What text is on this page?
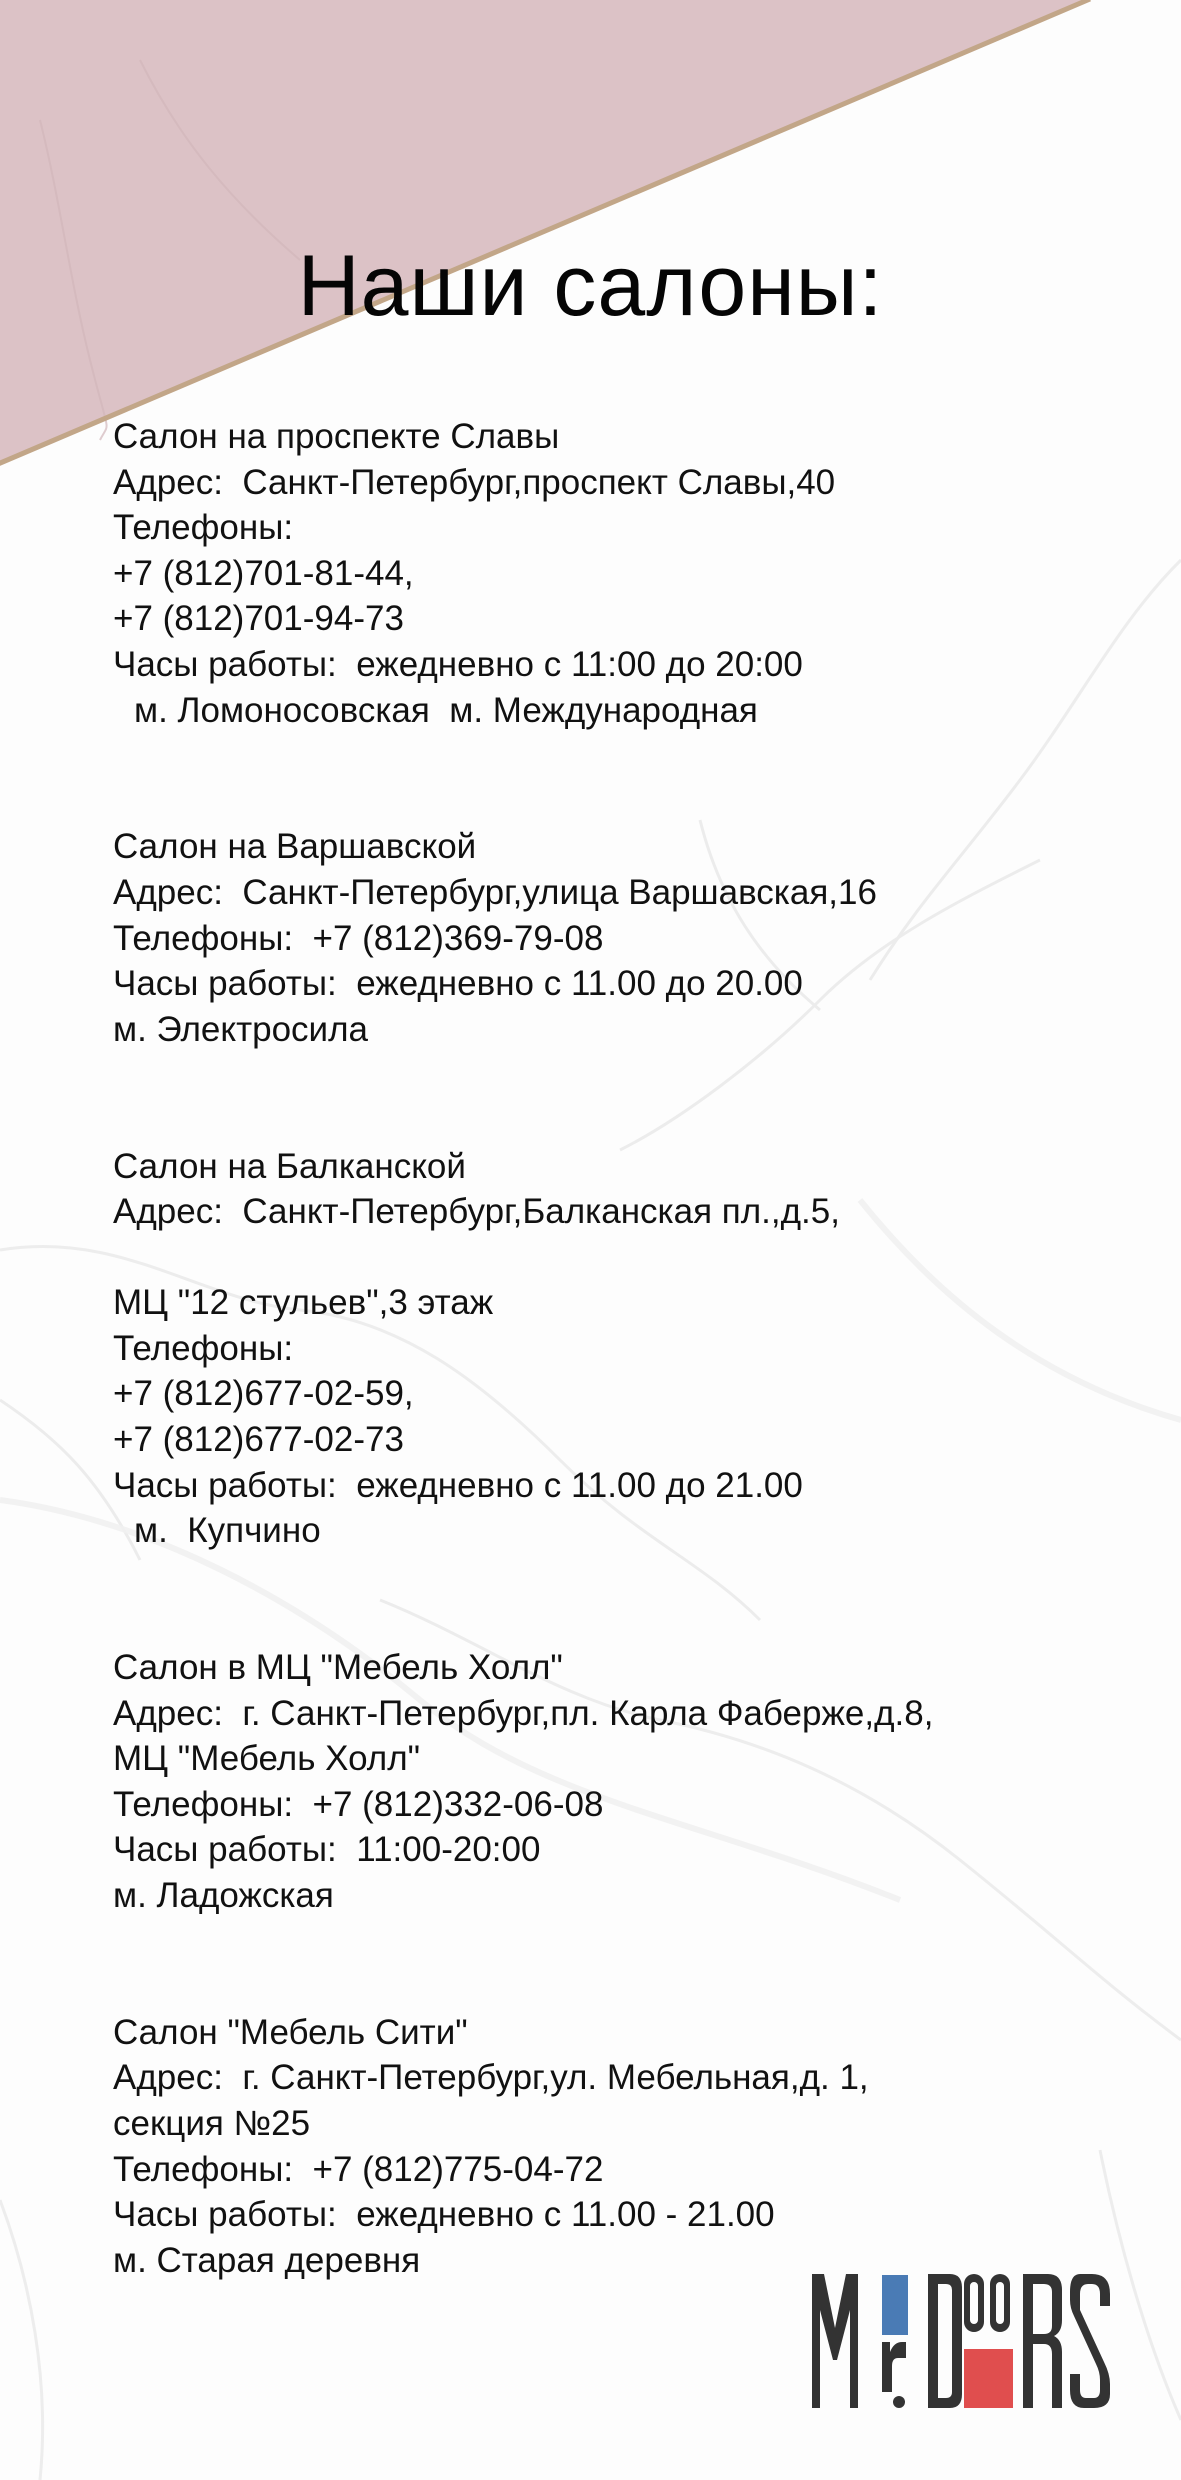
Наши салоны:
Салон на проспекте Славы
Адрес:  Санкт-Петербург,проспект Славы,40
Телефоны:
+7 (812)701-81-44,
+7 (812)701-94-73
Часы работы:  ежедневно с 11:00 до 20:00
м. Ломоносовская  м. Международная
Салон на Варшавской
Адрес:  Санкт-Петербург,улица Варшавская,16
Телефоны:  +7 (812)369-79-08
Часы работы:  ежедневно с 11.00 до 20.00
м. Электросила
Салон на Балканской
Адрес:  Санкт-Петербург,Балканская пл.,д.5,
МЦ "12 стульев",3 этаж
Телефоны:
+7 (812)677-02-59,
+7 (812)677-02-73
Часы работы:  ежедневно с 11.00 до 21.00
м.  Купчино
Салон в МЦ "Мебель Холл"
Адрес:  г. Санкт-Петербург,пл. Карла Фаберже,д.8,
МЦ "Мебель Холл"
Телефоны:  +7 (812)332-06-08
Часы работы:  11:00-20:00
м. Ладожская
Салон "Мебель Сити"
Адрес:  г. Санкт-Петербург,ул. Мебельная,д. 1,
секция №25
Телефоны:  +7 (812)775-04-72
Часы работы:  ежедневно с 11.00 - 21.00
м. Старая деревня
